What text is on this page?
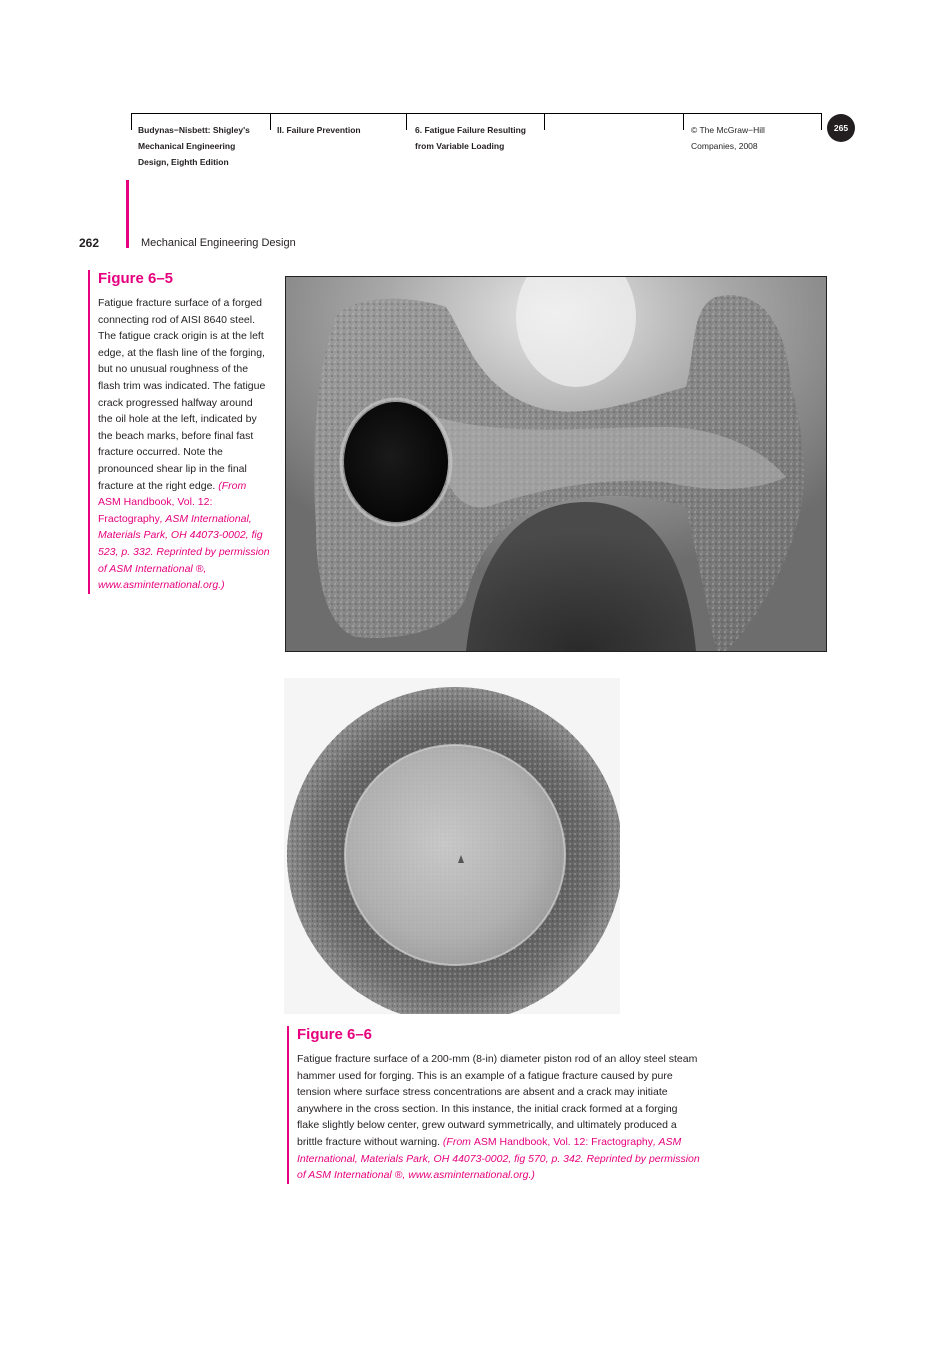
Budynas−Nisbett: Shigley's
Mechanical Engineering
Design, Eighth Edition
II. Failure Prevention	6. Fatigue Failure Resulting
from Variable Loading
© The McGraw−Hill
Companies, 2008
265
262	Mechanical Engineering Design
Figure 6–5
Fatigue fracture surface of a forged connecting rod of AISI 8640 steel. The fatigue crack origin is at the left edge, at the flash line of the forging, but no unusual roughness of the flash trim was indicated. The fatigue crack progressed halfway around the oil hole at the left, indicated by the beach marks, before final fast fracture occurred. Note the pronounced shear lip in the final fracture at the right edge. (From ASM Handbook, Vol. 12: Fractography, ASM International, Materials Park, OH 44073-0002, fig 523, p. 332. Reprinted by permission of ASM International ®, www.asminternational.org.)
Figure 6–6
Fatigue fracture surface of a 200-mm (8-in) diameter piston rod of an alloy steel steam hammer used for forging. This is an example of a fatigue fracture caused by pure tension where surface stress concentrations are absent and a crack may initiate anywhere in the cross section. In this instance, the initial crack formed at a forging flake slightly below center, grew outward symmetrically, and ultimately produced a brittle fracture without warning. (From ASM Handbook, Vol. 12: Fractography, ASM International, Materials Park, OH 44073-0002, fig 570, p. 342. Reprinted by permission of ASM International ®, www.asminternational.org.)
